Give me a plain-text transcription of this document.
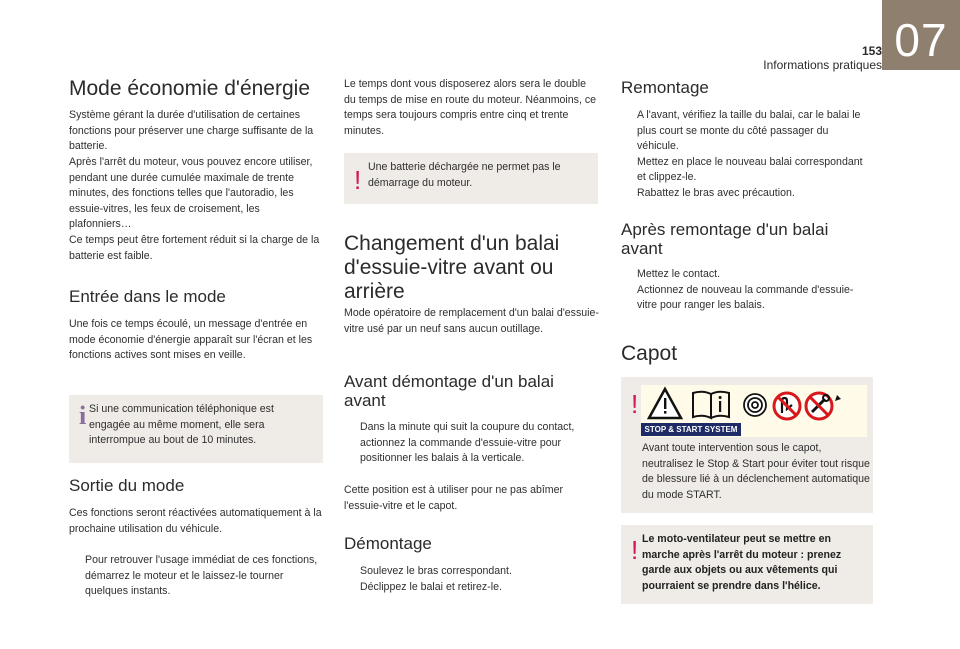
153
Informations pratiques 07
Mode économie d'énergie

Système gérant la durée d'utilisation de certaines fonctions pour préserver une charge suffisante de la batterie.

Après l'arrêt du moteur, vous pouvez encore utiliser, pendant une durée cumulée maximale de trente minutes, des fonctions telles que l'autoradio, les essuie-vitres, les feux de croisement, les plafonniers…

Ce temps peut être fortement réduit si la charge de la batterie est faible.

Entrée dans le mode

Une fois ce temps écoulé, un message d'entrée en mode économie d'énergie apparaît sur l'écran et les fonctions actives sont mises en veille.

i Si une communication téléphonique est engagée au même moment, elle sera interrompue au bout de 10 minutes.

Sortie du mode

Ces fonctions seront réactivées automatiquement à la prochaine utilisation du véhicule.

Pour retrouver l'usage immédiat de ces fonctions, démarrez le moteur et le laissez-le tourner quelques instants.

Le temps dont vous disposerez alors sera le double du temps de mise en route du moteur. Néanmoins, ce temps sera toujours compris entre cinq et trente minutes.

! Une batterie déchargée ne permet pas le démarrage du moteur.

Changement d'un balai d'essuie-vitre avant ou arrière

Mode opératoire de remplacement d'un balai d'essuie-vitre usé par un neuf sans aucun outillage.

Avant démontage d'un balai avant
Dans la minute qui suit la coupure du contact, actionnez la commande d'essuie-vitre pour positionner les balais à la verticale.

Cette position est à utiliser pour ne pas abîmer l'essuie-vitre et le capot.

Démontage
Soulevez le bras correspondant.
Déclippez le balai et retirez-le.
Remontage
A l'avant, vérifiez la taille du balai, car le balai le plus court se monte du côté passager du véhicule.
Mettez en place le nouveau balai correspondant et clippez-le.
Rabattez le bras avec précaution.
Après remontage d'un balai avant
Mettez le contact.
Actionnez de nouveau la commande d'essuie-vitre pour ranger les balais.
Capot
!
STOP & START SYSTEM

Avant toute intervention sous le capot, neutralisez le Stop & Start pour éviter tout risque de blessure lié à un déclenchement automatique du mode START.

! Le moto-ventilateur peut se mettre en marche après l'arrêt du moteur : prenez garde aux objets ou aux vêtements qui pourraient se prendre dans l'hélice.
